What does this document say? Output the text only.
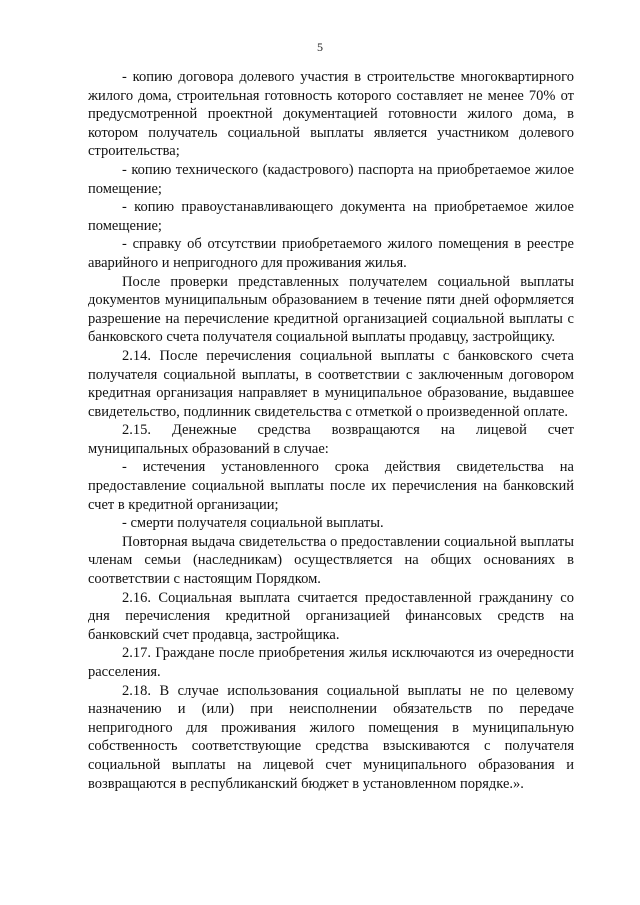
5

- копию договора долевого участия в строительстве многоквартирного жилого дома, строительная готовность которого составляет не менее 70% от предусмотренной проектной документацией готовности жилого дома, в котором получатель социальной выплаты является участником долевого строительства;

- копию технического (кадастрового) паспорта на приобретаемое жилое помещение;

- копию правоустанавливающего документа на приобретаемое жилое помещение;

- справку об отсутствии приобретаемого жилого помещения в реестре аварийного и непригодного для проживания жилья.

После проверки представленных получателем социальной выплаты документов муниципальным образованием в течение пяти дней оформляется разрешение на перечисление кредитной организацией социальной выплаты с банковского счета получателя социальной выплаты продавцу, застройщику.

2.14. После перечисления социальной выплаты с банковского счета получателя социальной выплаты, в соответствии с заключенным договором кредитная организация направляет в муниципальное образование, выдавшее свидетельство, подлинник свидетельства с отметкой о произведенной оплате.

2.15. Денежные средства возвращаются на лицевой счет муниципальных образований в случае:

- истечения установленного срока действия свидетельства на предоставление социальной выплаты после их перечисления на банковский счет в кредитной организации;

- смерти получателя социальной выплаты.

Повторная выдача свидетельства о предоставлении социальной выплаты членам семьи (наследникам) осуществляется на общих основаниях в соответствии с настоящим Порядком.

2.16. Социальная выплата считается предоставленной гражданину со дня перечисления кредитной организацией финансовых средств на банковский счет продавца, застройщика.

2.17. Граждане после приобретения жилья исключаются из очередности расселения.

2.18. В случае использования социальной выплаты не по целевому назначению и (или) при неисполнении обязательств по передаче непригодного для проживания жилого помещения в муниципальную собственность соответствующие средства взыскиваются с получателя социальной выплаты на лицевой счет муниципального образования и возвращаются в республиканский бюджет в установленном порядке.».
